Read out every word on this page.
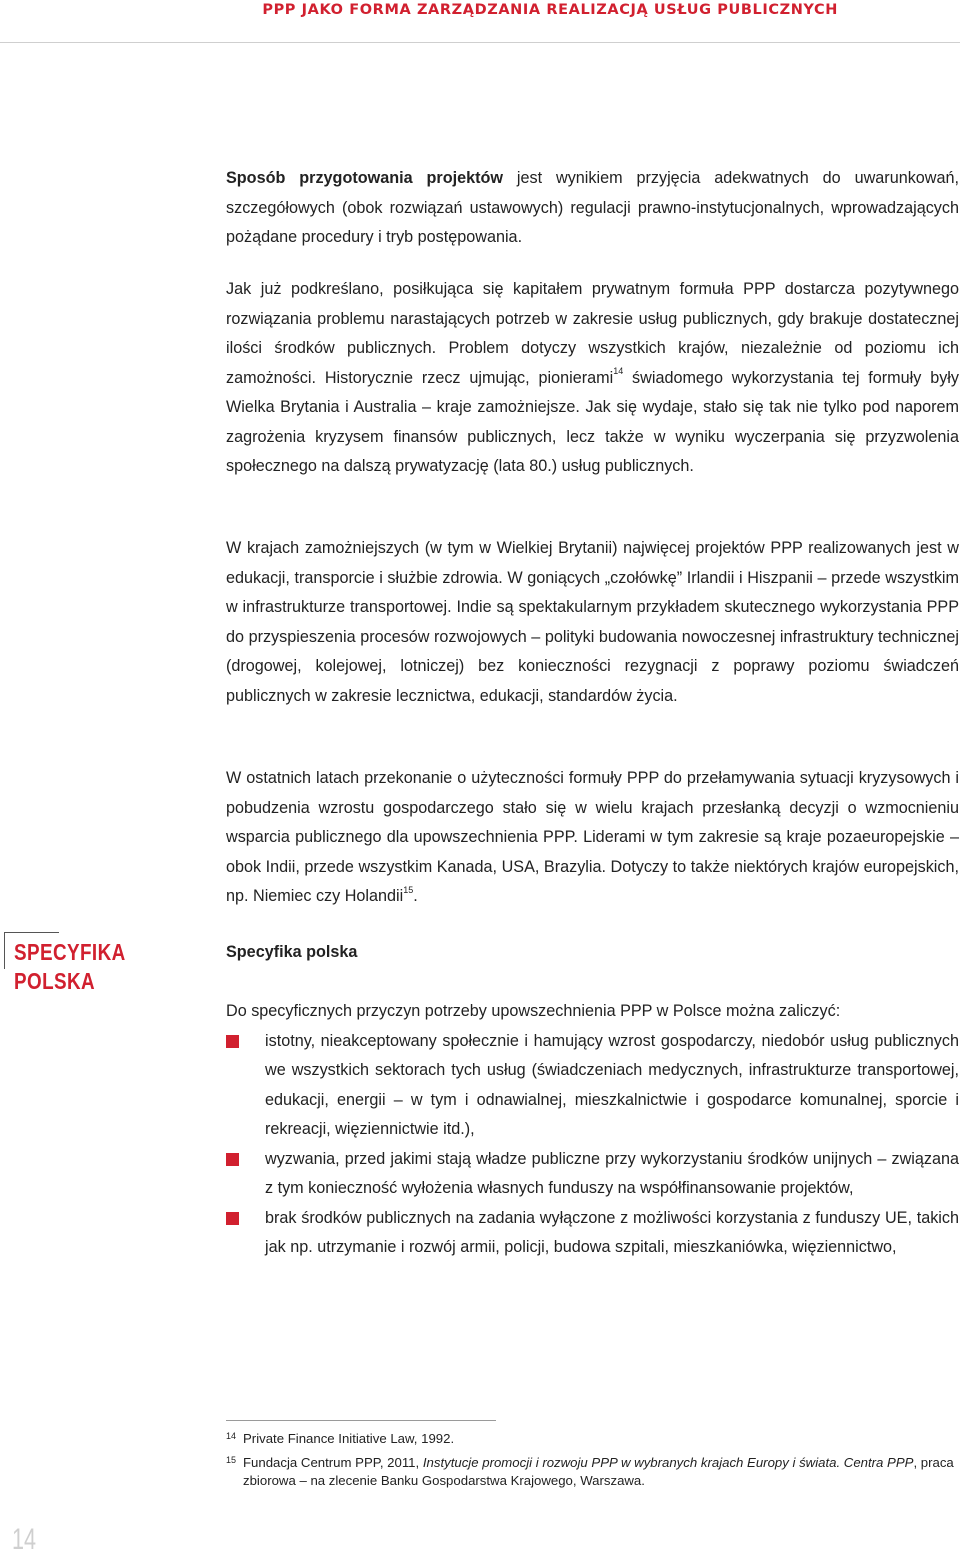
PPP JAKO FORMA ZARZĄDZANIA REALIZACJĄ USŁUG PUBLICZNYCH
SPECYFIKA
POLSKA

Sposób przygotowania projektów jest wynikiem przyjęcia adekwatnych do uwarunkowań, szczegółowych (obok rozwiązań ustawowych) regulacji prawno-instytucjonalnych, wprowadzających pożądane procedury i tryb postępowania.

Jak już podkreślano, posiłkująca się kapitałem prywatnym formuła PPP dostarcza pozytywnego rozwiązania problemu narastających potrzeb w zakresie usług publicznych, gdy brakuje dostatecznej ilości środków publicznych. Problem dotyczy wszystkich krajów, niezależnie od poziomu ich zamożności. Historycznie rzecz ujmując, pionierami$^{14}$ świadomego wykorzystania tej formuły były Wielka Brytania i Australia – kraje zamożniejsze. Jak się wydaje, stało się tak nie tylko pod naporem zagrożenia kryzysem finansów publicznych, lecz także w wyniku wyczerpania się przyzwolenia społecznego na dalszą prywatyzację (lata 80.) usług publicznych.

W krajach zamożniejszych (w tym w Wielkiej Brytanii) najwięcej projektów PPP realizowanych jest w edukacji, transporcie i służbie zdrowia. W goniących „czołówkę” Irlandii i Hiszpanii – przede wszystkim w infrastrukturze transportowej. Indie są spektakularnym przykładem skutecznego wykorzystania PPP do przyspieszenia procesów rozwojowych – polityki budowania nowoczesnej infrastruktury technicznej (drogowej, kolejowej, lotniczej) bez konieczności rezygnacji z poprawy poziomu świadczeń publicznych w zakresie lecznictwa, edukacji, standardów życia.

W ostatnich latach przekonanie o użyteczności formuły PPP do przełamywania sytuacji kryzysowych i pobudzenia wzrostu gospodarczego stało się w wielu krajach przesłanką decyzji o wzmocnieniu wsparcia publicznego dla upowszechnienia PPP. Liderami w tym zakresie są kraje pozaeuropejskie – obok Indii, przede wszystkim Kanada, USA, Brazylia. Dotyczy to także niektórych krajów europejskich, np. Niemiec czy Holandii$^{15}$.

Specyfika polska

Do specyficznych przyczyn potrzeby upowszechnienia PPP w Polsce można zaliczyć:

istotny, nieakceptowany społecznie i hamujący wzrost gospodarczy, niedobór usług publicznych we wszystkich sektorach tych usług (świadczeniach medycznych, infrastrukturze transportowej, edukacji, energii – w tym i odnawialnej, mieszkalnictwie i gospodarce komunalnej, sporcie i rekreacji, więziennictwie itd.),
wyzwania, przed jakimi stają władze publiczne przy wykorzystaniu środków unijnych – związana z tym konieczność wyłożenia własnych funduszy na współfinansowanie projektów,
brak środków publicznych na zadania wyłączone z możliwości korzystania z funduszy UE, takich jak np. utrzymanie i rozwój armii, policji, budowa szpitali, mieszkaniówka, więziennictwo,
14 Private Finance Initiative Law, 1992.
15 Fundacja Centrum PPP, 2011, Instytucje promocji i rozwoju PPP w wybranych krajach Europy i świata. Centra PPP, praca zbiorowa – na zlecenie Banku Gospodarstwa Krajowego, Warszawa.
14
